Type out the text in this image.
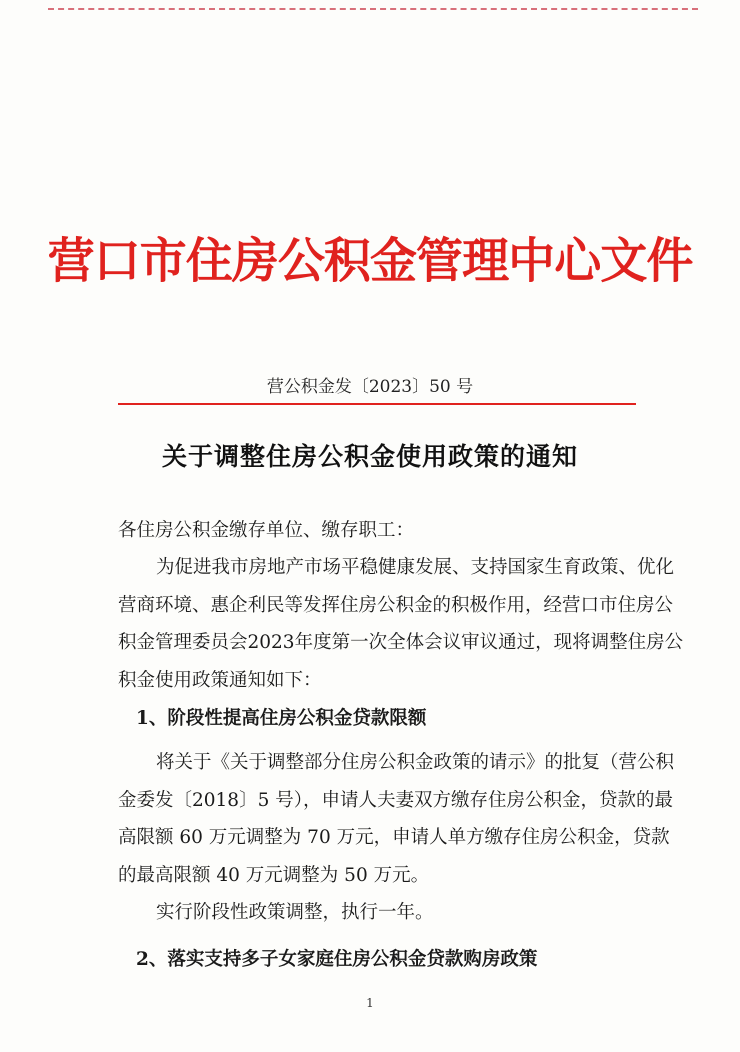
营口市住房公积金管理中心文件
营公积金发〔2023〕50 号
关于调整住房公积金使用政策的通知
各住房公积金缴存单位、缴存职工：
为促进我市房地产市场平稳健康发展、支持国家生育政策、优化营商环境、惠企利民等发挥住房公积金的积极作用，经营口市住房公积金管理委员会2023年度第一次全体会议审议通过，现将调整住房公积金使用政策通知如下：
1、阶段性提高住房公积金贷款限额
将关于《关于调整部分住房公积金政策的请示》的批复（营公积金委发〔2018〕5 号），申请人夫妻双方缴存住房公积金，贷款的最高限额 60 万元调整为 70 万元，申请人单方缴存住房公积金，贷款的最高限额 40 万元调整为 50 万元。
实行阶段性政策调整，执行一年。
2、落实支持多子女家庭住房公积金贷款购房政策
1
